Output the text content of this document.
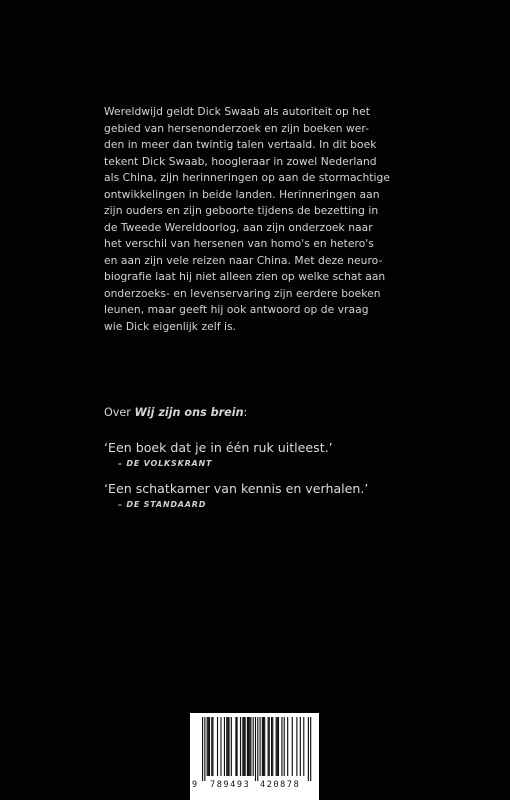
Wereldwijd geldt Dick Swaab als autoriteit op het
gebied van hersenonderzoek en zijn boeken wer-
den in meer dan twintig talen vertaald. In dit boek
tekent Dick Swaab, hoogleraar in zowel Nederland
als China, zijn herinneringen op aan de stormachtige
ontwikkelingen in beide landen. Herinneringen aan
zijn ouders en zijn geboorte tijdens de bezetting in
de Tweede Wereldoorlog, aan zijn onderzoek naar
het verschil van hersenen van homo's en hetero's
en aan zijn vele reizen naar China. Met deze neuro-
biografie laat hij niet alleen zien op welke schat aan
onderzoeks- en levenservaring zijn eerdere boeken
leunen, maar geeft hij ook antwoord op de vraag
wie Dick eigenlijk zelf is.

Over Wij zijn ons brein:
‘Een boek dat je in één ruk uitleest.’
– DE VOLKSKRANT
‘Een schatkamer van kennis en verhalen.’
– DE STANDAARD
9 789493 420878
